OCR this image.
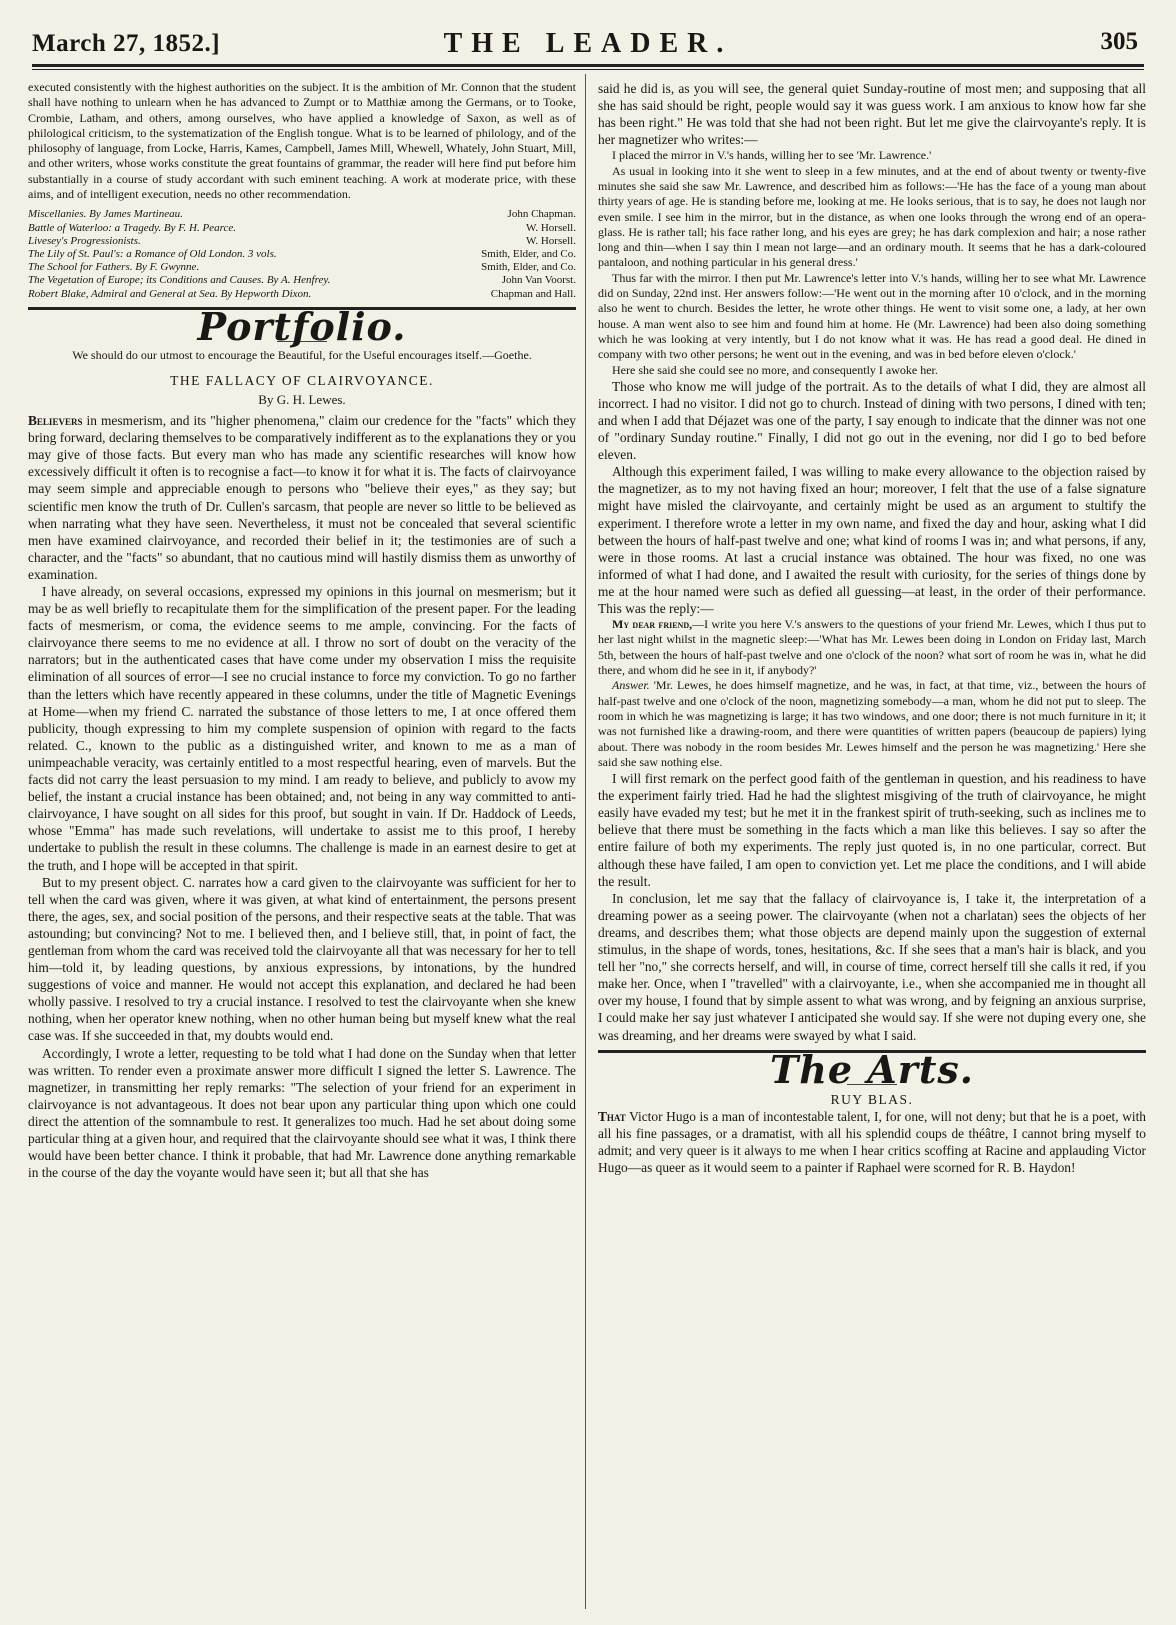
March 27, 1852.]	THE LEADER.	305

executed consistently with the highest authorities on the subject. It is the ambition of Mr. Connon that the student shall have nothing to unlearn when he has advanced to Zumpt or to Matthiæ among the Germans, or to Tooke, Crombie, Latham, and others, among ourselves, who have applied a knowledge of Saxon, as well as of philological criticism, to the systematization of the English tongue. What is to be learned of philology, and of the philosophy of language, from Locke, Harris, Kames, Campbell, James Mill, Whewell, Whately, John Stuart, Mill, and other writers, whose works constitute the great fountains of grammar, the reader will here find put before him substantially in a course of study accordant with such eminent teaching. A work at moderate price, with these aims, and of intelligent execution, needs no other recommendation.

Miscellanies. By James Martineau.	John Chapman.
Battle of Waterloo: a Tragedy. By F. H. Pearce.	W. Horsell.
Livesey's Progressionists.	W. Horsell.
The Lily of St. Paul's: a Romance of Old London. 3 vols.	Smith, Elder, and Co.
The School for Fathers. By F. Gwynne.	Smith, Elder, and Co.
The Vegetation of Europe; its Conditions and Causes. By A. Henfrey.	John Van Voorst.
Robert Blake, Admiral and General at Sea. By Hepworth Dixon.	Chapman and Hall.
Portfolio.
We should do our utmost to encourage the Beautiful, for the Useful encourages itself.—Goethe.
THE FALLACY OF CLAIRVOYANCE.
By G. H. Lewes.

Believers in mesmerism, and its "higher phenomena," claim our credence for the "facts" which they bring forward, declaring themselves to be comparatively indifferent as to the explanations they or you may give of those facts. But every man who has made any scientific researches will know how excessively difficult it often is to recognise a fact—to know it for what it is. The facts of clairvoyance may seem simple and appreciable enough to persons who "believe their eyes," as they say; but scientific men know the truth of Dr. Cullen's sarcasm, that people are never so little to be believed as when narrating what they have seen. Nevertheless, it must not be concealed that several scientific men have examined clairvoyance, and recorded their belief in it; the testimonies are of such a character, and the "facts" so abundant, that no cautious mind will hastily dismiss them as unworthy of examination.

I have already, on several occasions, expressed my opinions in this journal on mesmerism; but it may be as well briefly to recapitulate them for the simplification of the present paper. For the leading facts of mesmerism, or coma, the evidence seems to me ample, convincing. For the facts of clairvoyance there seems to me no evidence at all. I throw no sort of doubt on the veracity of the narrators; but in the authenticated cases that have come under my observation I miss the requisite elimination of all sources of error—I see no crucial instance to force my conviction. To go no farther than the letters which have recently appeared in these columns, under the title of Magnetic Evenings at Home—when my friend C. narrated the substance of those letters to me, I at once offered them publicity, though expressing to him my complete suspension of opinion with regard to the facts related. C., known to the public as a distinguished writer, and known to me as a man of unimpeachable veracity, was certainly entitled to a most respectful hearing, even of marvels. But the facts did not carry the least persuasion to my mind. I am ready to believe, and publicly to avow my belief, the instant a crucial instance has been obtained; and, not being in any way committed to anti-clairvoyance, I have sought on all sides for this proof, but sought in vain. If Dr. Haddock of Leeds, whose "Emma" has made such revelations, will undertake to assist me to this proof, I hereby undertake to publish the result in these columns. The challenge is made in an earnest desire to get at the truth, and I hope will be accepted in that spirit.

But to my present object. C. narrates how a card given to the clairvoyante was sufficient for her to tell when the card was given, where it was given, at what kind of entertainment, the persons present there, the ages, sex, and social position of the persons, and their respective seats at the table. That was astounding; but convincing? Not to me. I believed then, and I believe still, that, in point of fact, the gentleman from whom the card was received told the clairvoyante all that was necessary for her to tell him—told it, by leading questions, by anxious expressions, by intonations, by the hundred suggestions of voice and manner. He would not accept this explanation, and declared he had been wholly passive. I resolved to try a crucial instance. I resolved to test the clairvoyante when she knew nothing, when her operator knew nothing, when no other human being but myself knew what the real case was. If she succeeded in that, my doubts would end.

Accordingly, I wrote a letter, requesting to be told what I had done on the Sunday when that letter was written. To render even a proximate answer more difficult I signed the letter S. Lawrence. The magnetizer, in transmitting her reply remarks: "The selection of your friend for an experiment in clairvoyance is not advantageous. It does not bear upon any particular thing upon which one could direct the attention of the somnambule to rest. It generalizes too much. Had he set about doing some particular thing at a given hour, and required that the clairvoyante should see what it was, I think there would have been better chance. I think it probable, that had Mr. Lawrence done anything remarkable in the course of the day the voyante would have seen it; but all that she has

said he did is, as you will see, the general quiet Sunday-routine of most men; and supposing that all she has said should be right, people would say it was guess work. I am anxious to know how far she has been right." He was told that she had not been right. But let me give the clairvoyante's reply. It is her magnetizer who writes:—

I placed the mirror in V.'s hands, willing her to see 'Mr. Lawrence.'

As usual in looking into it she went to sleep in a few minutes, and at the end of about twenty or twenty-five minutes she said she saw Mr. Lawrence, and described him as follows:—'He has the face of a young man about thirty years of age. He is standing before me, looking at me. He looks serious, that is to say, he does not laugh nor even smile. I see him in the mirror, but in the distance, as when one looks through the wrong end of an opera-glass. He is rather tall; his face rather long, and his eyes are grey; he has dark complexion and hair; a nose rather long and thin—when I say thin I mean not large—and an ordinary mouth. It seems that he has a dark-coloured pantaloon, and nothing particular in his general dress.'

Thus far with the mirror. I then put Mr. Lawrence's letter into V.'s hands, willing her to see what Mr. Lawrence did on Sunday, 22nd inst. Her answers follow:—'He went out in the morning after 10 o'clock, and in the morning also he went to church. Besides the letter, he wrote other things. He went to visit some one, a lady, at her own house. A man went also to see him and found him at home. He (Mr. Lawrence) had been also doing something which he was looking at very intently, but I do not know what it was. He has read a good deal. He dined in company with two other persons; he went out in the evening, and was in bed before eleven o'clock.'

Here she said she could see no more, and consequently I awoke her.

Those who know me will judge of the portrait. As to the details of what I did, they are almost all incorrect. I had no visitor. I did not go to church. Instead of dining with two persons, I dined with ten; and when I add that Déjazet was one of the party, I say enough to indicate that the dinner was not one of "ordinary Sunday routine." Finally, I did not go out in the evening, nor did I go to bed before eleven.

Although this experiment failed, I was willing to make every allowance to the objection raised by the magnetizer, as to my not having fixed an hour; moreover, I felt that the use of a false signature might have misled the clairvoyante, and certainly might be used as an argument to stultify the experiment. I therefore wrote a letter in my own name, and fixed the day and hour, asking what I did between the hours of half-past twelve and one; what kind of rooms I was in; and what persons, if any, were in those rooms. At last a crucial instance was obtained. The hour was fixed, no one was informed of what I had done, and I awaited the result with curiosity, for the series of things done by me at the hour named were such as defied all guessing—at least, in the order of their performance. This was the reply:—

My dear friend,—I write you here V.'s answers to the questions of your friend Mr. Lewes, which I thus put to her last night whilst in the magnetic sleep:—'What has Mr. Lewes been doing in London on Friday last, March 5th, between the hours of half-past twelve and one o'clock of the noon? what sort of room he was in, what he did there, and whom did he see in it, if anybody?'

Answer. 'Mr. Lewes, he does himself magnetize, and he was, in fact, at that time, viz., between the hours of half-past twelve and one o'clock of the noon, magnetizing somebody—a man, whom he did not put to sleep. The room in which he was magnetizing is large; it has two windows, and one door; there is not much furniture in it; it was not furnished like a drawing-room, and there were quantities of written papers (beaucoup de papiers) lying about. There was nobody in the room besides Mr. Lewes himself and the person he was magnetizing.' Here she said she saw nothing else.

I will first remark on the perfect good faith of the gentleman in question, and his readiness to have the experiment fairly tried. Had he had the slightest misgiving of the truth of clairvoyance, he might easily have evaded my test; but he met it in the frankest spirit of truth-seeking, such as inclines me to believe that there must be something in the facts which a man like this believes. I say so after the entire failure of both my experiments. The reply just quoted is, in no one particular, correct. But although these have failed, I am open to conviction yet. Let me place the conditions, and I will abide the result.

In conclusion, let me say that the fallacy of clairvoyance is, I take it, the interpretation of a dreaming power as a seeing power. The clairvoyante (when not a charlatan) sees the objects of her dreams, and describes them; what those objects are depend mainly upon the suggestion of external stimulus, in the shape of words, tones, hesitations, &c. If she sees that a man's hair is black, and you tell her "no," she corrects herself, and will, in course of time, correct herself till she calls it red, if you make her. Once, when I "travelled" with a clairvoyante, i.e., when she accompanied me in thought all over my house, I found that by simple assent to what was wrong, and by feigning an anxious surprise, I could make her say just whatever I anticipated she would say. If she were not duping every one, she was dreaming, and her dreams were swayed by what I said.

The Arts.
RUY BLAS.

That Victor Hugo is a man of incontestable talent, I, for one, will not deny; but that he is a poet, with all his fine passages, or a dramatist, with all his splendid coups de théâtre, I cannot bring myself to admit; and very queer is it always to me when I hear critics scoffing at Racine and applauding Victor Hugo—as queer as it would seem to a painter if Raphael were scorned for R. B. Haydon!
